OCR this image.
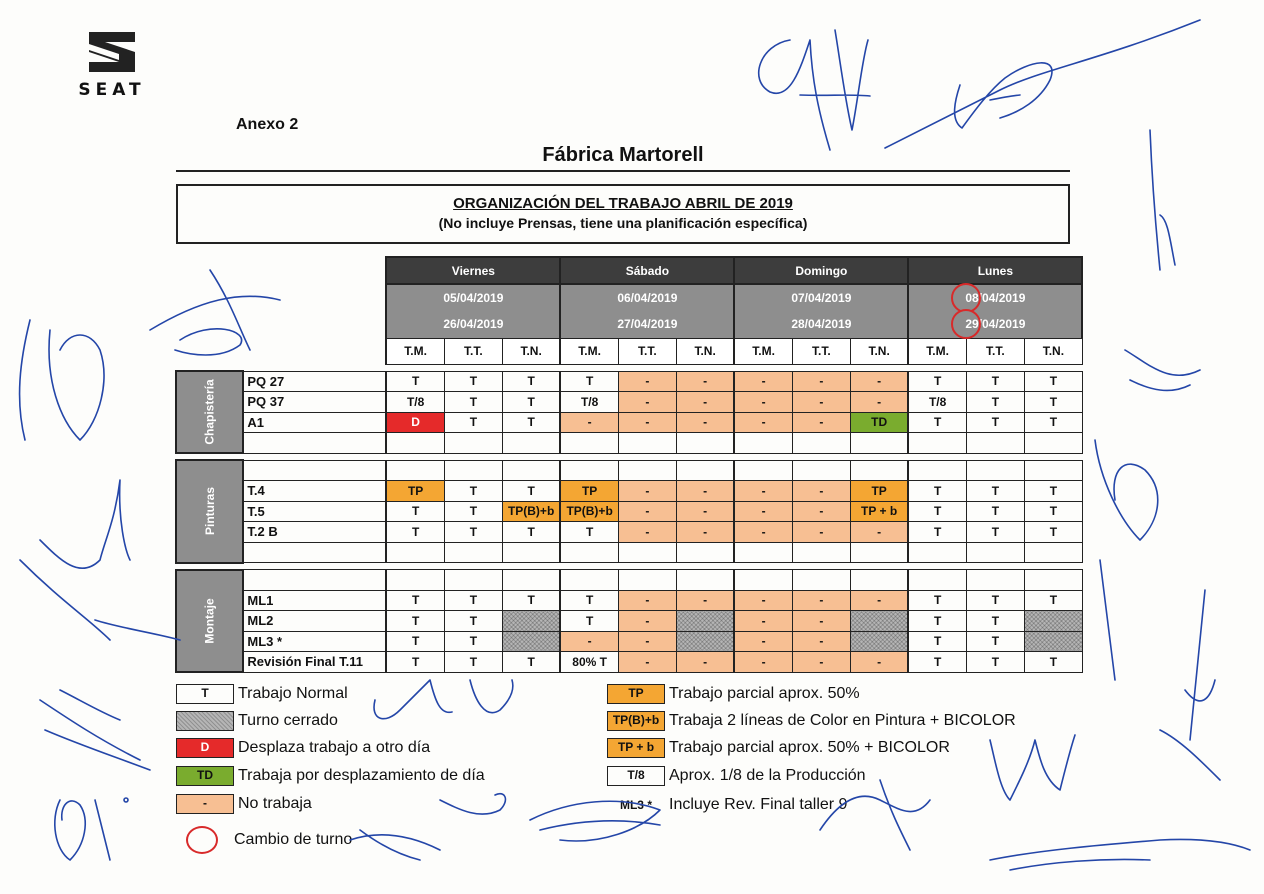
SEAT
Anexo 2
Fábrica Martorell
ORGANIZACIÓN DEL TRABAJO ABRIL DE 2019
(No incluye Prensas, tiene una planificación específica)
		Viernes			Sábado			Domingo			Lunes		
		05/04/2019			06/04/2019			07/04/2019			08/04/2019		

		26/04/2019			27/04/2019			28/04/2019			29/04/2019		

		T.M.	T.T.	T.N.	T.M.	T.T.	T.N.	T.M.	T.T.	T.N.	T.M.	T.T.	T.N.

Chapistería	PQ 27	T	T	T	T	-	-	-	-	-	T	T	T
	PQ 37	T/8	T	T	T/8	-	-	-	-	-	T/8	T	T
	A1	D	T	T	-	-	-	-	-	TD	T	T	T

Pinturas													
	T.4	TP	T	T	TP	-	-	-	-	TP	T	T	T
	T.5	T	T	TP(B)+b	TP(B)+b	-	-	-	-	TP + b	T	T	T
	T.2 B	T	T	T	T	-	-	-	-	-	T	T	T

Montaje													
	ML1	T	T	T	T	-	-	-	-	-	T	T	T
	ML2	T	T		T	-		-	-		T	T	
	ML3 *	T	T		-	-		-	-		T	T	
	Revisión Final T.11	T	T	T	80% T	-	-	-	-	-	T	T	T
T	Trabajo Normal
Turno cerrado
D	Desplaza trabajo a otro día
TD	Trabaja por desplazamiento de día
-	No trabaja
Cambio de turno
TP	Trabajo parcial aprox. 50%
TP(B)+b Trabaja 2 líneas de Color en Pintura + BICOLOR
TP + b Trabajo parcial aprox. 50% + BICOLOR
T/8	Aprox. 1/8 de la Producción
ML3 *	Incluye Rev. Final taller 9
